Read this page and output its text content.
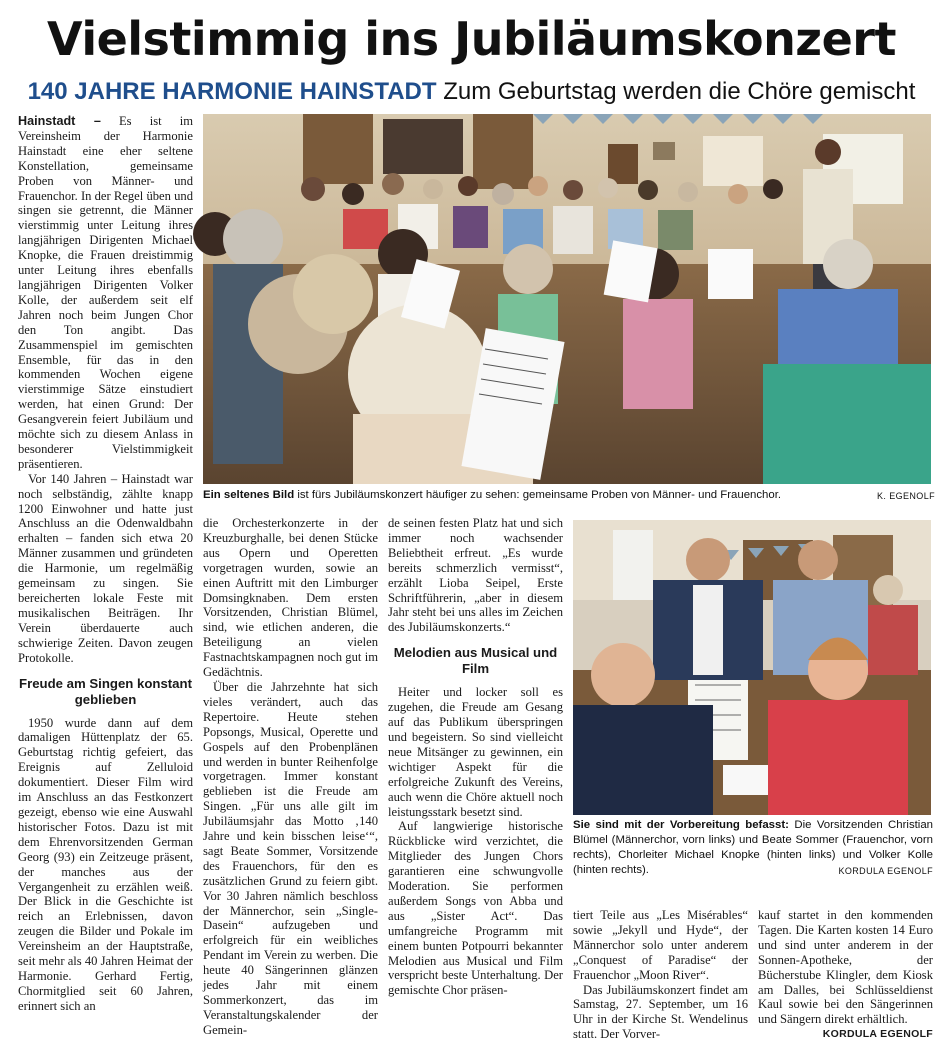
Vielstimmig ins Jubiläumskonzert
140 JAHRE HARMONIE HAINSTADT Zum Geburtstag werden die Chöre gemischt

Hainstadt – Es ist im Vereinsheim der Harmonie Hainstadt eine eher seltene Konstellation, gemeinsame Proben von Männer- und Frauenchor. In der Regel üben und singen sie getrennt, die Männer vierstimmig unter Leitung ihres langjährigen Dirigenten Michael Knopke, die Frauen dreistimmig unter Leitung ihres ebenfalls langjährigen Dirigenten Volker Kolle, der außerdem seit elf Jahren noch beim Jungen Chor den Ton angibt. Das Zusammenspiel im gemischten Ensemble, für das in den kommenden Wochen eigene vierstimmige Sätze einstudiert werden, hat einen Grund: Der Gesangverein feiert Jubiläum und möchte sich zu diesem Anlass in besonderer Vielstimmigkeit präsentieren.

Vor 140 Jahren – Hainstadt war noch selbständig, zählte knapp 1200 Einwohner und hatte just Anschluss an die Odenwaldbahn erhalten – fanden sich etwa 20 Männer zusammen und gründeten die Harmonie, um regelmäßig gemeinsam zu singen. Sie bereicherten lokale Feste mit musikalischen Beiträgen. Ihr Verein überdauerte auch schwierige Zeiten. Davon zeugen Protokolle.

Freude am Singen konstant geblieben

1950 wurde dann auf dem damaligen Hüttenplatz der 65. Geburtstag richtig gefeiert, das Ereignis auf Zelluloid dokumentiert. Dieser Film wird im Anschluss an das Festkonzert gezeigt, ebenso wie eine Auswahl historischer Fotos. Dazu ist mit dem Ehrenvorsitzenden German Georg (93) ein Zeitzeuge präsent, der manches aus der Vergangenheit zu erzählen weiß. Der Blick in die Geschichte ist reich an Erlebnissen, davon zeugen die Bilder und Pokale im Vereinsheim an der Hauptstraße, seit mehr als 40 Jahren Heimat der Harmonie. Gerhard Fertig, Chormitglied seit 60 Jahren, erinnert sich an

Ein seltenes Bild ist fürs Jubiläumskonzert häufiger zu sehen: gemeinsame Proben von Männer- und Frauenchor.	K. EGENOLF

die Orchesterkonzerte in der Kreuzburghalle, bei denen Stücke aus Opern und Operetten vorgetragen wurden, sowie an einen Auftritt mit den Limburger Domsingknaben. Dem ersten Vorsitzenden, Christian Blümel, sind, wie etlichen anderen, die Beteiligung an vielen Fastnachtskampagnen noch gut im Gedächtnis.

Über die Jahrzehnte hat sich vieles verändert, auch das Repertoire. Heute stehen Popsongs, Musical, Operette und Gospels auf den Probenplänen und werden in bunter Reihenfolge vorgetragen. Immer konstant geblieben ist die Freude am Singen. „Für uns alle gilt im Jubiläumsjahr das Motto ‚140 Jahre und kein bisschen leise‘“, sagt Beate Sommer, Vorsitzende des Frauenchors, für den es zusätzlichen Grund zu feiern gibt. Vor 30 Jahren nämlich beschloss der Männerchor, sein „Single-Dasein“ aufzugeben und erfolgreich für ein weibliches Pendant im Verein zu werben. Die heute 40 Sängerinnen glänzen jedes Jahr mit einem Sommerkonzert, das im Veranstaltungskalender der Gemein-

de seinen festen Platz hat und sich immer noch wachsender Beliebtheit erfreut. „Es wurde bereits schmerzlich vermisst“, erzählt Lioba Seipel, Erste Schriftführerin, „aber in diesem Jahr steht bei uns alles im Zeichen des Jubiläumskonzerts.“

Melodien aus Musical und Film

Heiter und locker soll es zugehen, die Freude am Gesang auf das Publikum überspringen und begeistern. So sind vielleicht neue Mitsänger zu gewinnen, ein wichtiger Aspekt für die erfolgreiche Zukunft des Vereins, auch wenn die Chöre aktuell noch leistungsstark besetzt sind.

Auf langwierige historische Rückblicke wird verzichtet, die Mitglieder des Jungen Chors garantieren eine schwungvolle Moderation. Sie performen außerdem Songs von Abba und aus „Sister Act“. Das umfangreiche Programm mit einem bunten Potpourri bekannter Melodien aus Musical und Film verspricht beste Unterhaltung. Der gemischte Chor präsen-

Sie sind mit der Vorbereitung befasst: Die Vorsitzenden Christian Blümel (Männerchor, vorn links) und Beate Sommer (Frauenchor, vorn rechts), Chorleiter Michael Knopke (hinten links) und Volker Kolle (hinten rechts).	KORDULA EGENOLF

tiert Teile aus „Les Misérables“ sowie „Jekyll und Hyde“, der Männerchor solo unter anderem „Conquest of Paradise“ der Frauenchor „Moon River“.

Das Jubiläumskonzert findet am Samstag, 27. September, um 16 Uhr in der Kirche St. Wendelinus statt. Der Vorver-

kauf startet in den kommenden Tagen. Die Karten kosten 14 Euro und sind unter anderem in der Sonnen-Apotheke, der Bücherstube Klingler, dem Kiosk am Dalles, bei Schlüsseldienst Kaul sowie bei den Sängerinnen und Sängern direkt erhältlich.
KORDULA EGENOLF
